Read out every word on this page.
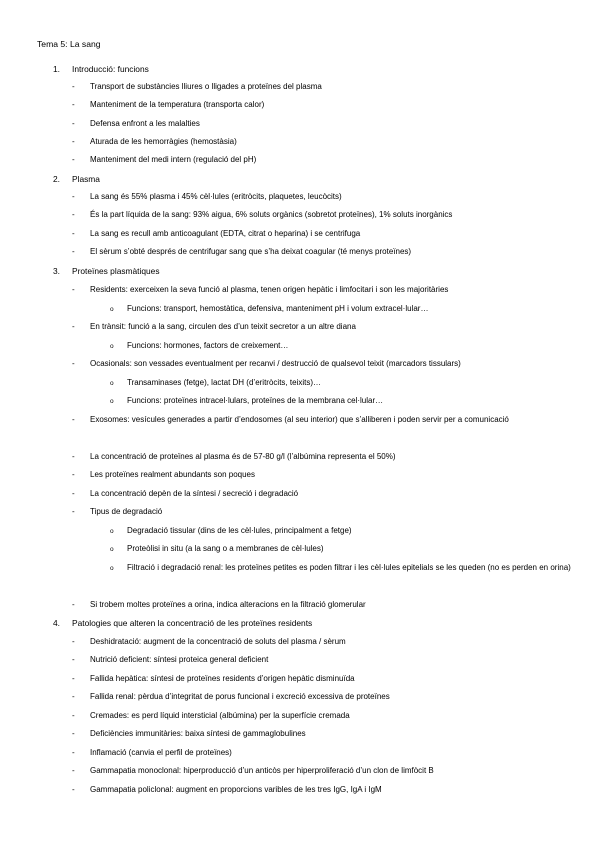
Tema 5: La sang
1. Introducció: funcions
- Transport de substàncies lliures o lligades a proteïnes del plasma
- Manteniment de la temperatura (transporta calor)
- Defensa enfront a les malalties
- Aturada de les hemorràgies (hemostàsia)
- Manteniment del medi intern (regulació del pH)
2. Plasma
- La sang és 55% plasma i 45% cèl·lules (eritròcits, plaquetes, leucòcits)
- És la part líquida de la sang: 93% aigua, 6% soluts orgànics (sobretot proteïnes), 1% soluts inorgànics
- La sang es recull amb anticoagulant (EDTA, citrat o heparina) i se centrifuga
- El sèrum s’obté després de centrifugar sang que s’ha deixat coagular (té menys proteïnes)
3. Proteïnes plasmàtiques
- Residents: exerceixen la seva funció al plasma, tenen origen hepàtic i limfocitari i son les majoritàries
o Funcions: transport, hemostàtica, defensiva, manteniment pH i volum extracel·lular…
- En trànsit: funció a la sang, circulen des d’un teixit secretor a un altre diana
o Funcions: hormones, factors de creixement…
- Ocasionals: son vessades eventualment per recanvi / destrucció de qualsevol teixit (marcadors tissulars)
o Transaminases (fetge), lactat DH (d’eritròcits, teixits)…
o Funcions: proteïnes intracel·lulars, proteïnes de la membrana cel·lular…
- Exosomes: vesícules generades a partir d’endosomes (al seu interior) que s’alliberen i poden servir per a comunicació
- La concentració de proteïnes al plasma és de 57-80 g/l (l’albúmina representa el 50%)
- Les proteïnes realment abundants son poques
- La concentració depèn de la síntesi / secreció i degradació
- Tipus de degradació
o Degradació tissular (dins de les cèl·lules, principalment a fetge)
o Proteòlisi in situ (a la sang o a membranes de cèl·lules)
o Filtració i degradació renal: les proteïnes petites es poden filtrar i les cèl·lules epitelials se les queden (no es perden en orina)
- Si trobem moltes proteïnes a orina, indica alteracions en la filtració glomerular
4. Patologies que alteren la concentració de les proteïnes residents
- Deshidratació: augment de la concentració de soluts del plasma / sèrum
- Nutrició deficient: síntesi proteica general deficient
- Fallida hepàtica: síntesi de proteïnes residents d’origen hepàtic disminuïda
- Fallida renal: pèrdua d’integritat de porus funcional i excreció excessiva de proteïnes
- Cremades: es perd líquid intersticial (albúmina) per la superfície cremada
- Deficiències immunitàries: baixa síntesi de gammaglobulines
- Inflamació (canvia el perfil de proteïnes)
- Gammapatia monoclonal: hiperproducció d’un anticòs per hiperproliferació d’un clon de limfòcit B
- Gammapatia policlonal: augment en proporcions varibles de les tres IgG, IgA i IgM
